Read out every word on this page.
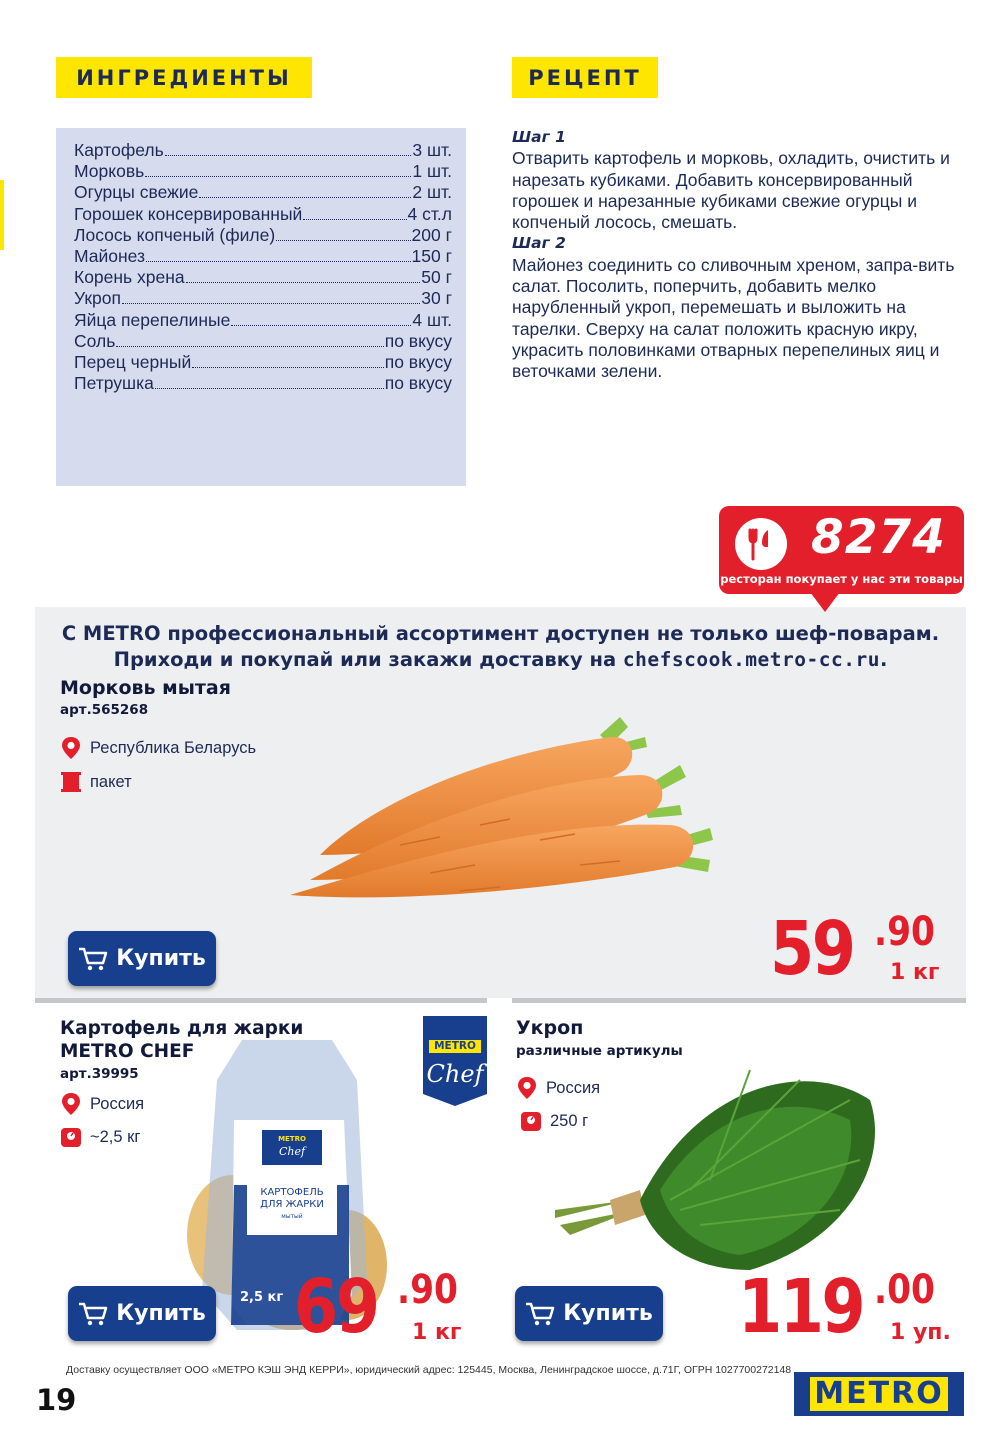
ИНГРЕДИЕНТЫ	РЕЦЕПТ
Картофель	3 шт.
Морковь	1 шт.
Огурцы свежие	2 шт.
Горошек консервированный	4 ст.л
Лосось копченый (филе)	200 г
Майонез	150 г
Корень хрена	50 г
Укроп	30 г
Яйца перепелиные	4 шт.
Соль	по вкусу
Перец черный	по вкусу
Петрушка	по вкусу
Шаг 1
Отварить картофель и морковь, охладить, очистить и нарезать кубиками. Добавить консервированный горошек и нарезанные кубиками свежие огурцы и копченый лосось, смешать.
Шаг 2
Майонез соединить со сливочным хреном, запра-вить салат. Посолить, поперчить, добавить мелко нарубленный укроп, перемешать и выложить на тарелки. Сверху на салат положить красную икру, украсить половинками отварных перепелиных яиц и веточками зелени.
8274
ресторан покупает у нас эти товары
С METRO профессиональный ассортимент доступен не только шеф-поварам.
Приходи и покупай или закажи доставку на chefscook.metro-cc.ru.
Морковь мытая
арт.565268
Республика Беларусь
пакет
Купить	59 .90
1 кг
Картофель для жарки
METRO CHEF
арт.39995
Россия
~2,5 кг
METRO
Chef
METRO
Chef
КАРТОФЕЛЬ
ДЛЯ ЖАРКИ
мытый
2,5 кг
Купить 69 .90
1 кг
Укроп
различные артикулы
Россия
250 г
Купить 119 .00
1 уп.
Доставку осуществляет ООО «МЕТРО КЭШ ЭНД КЕРРИ», юридический адрес: 125445, Москва, Ленинградское шоссе, д.71Г, ОГРН 1027700272148
19	METRO
